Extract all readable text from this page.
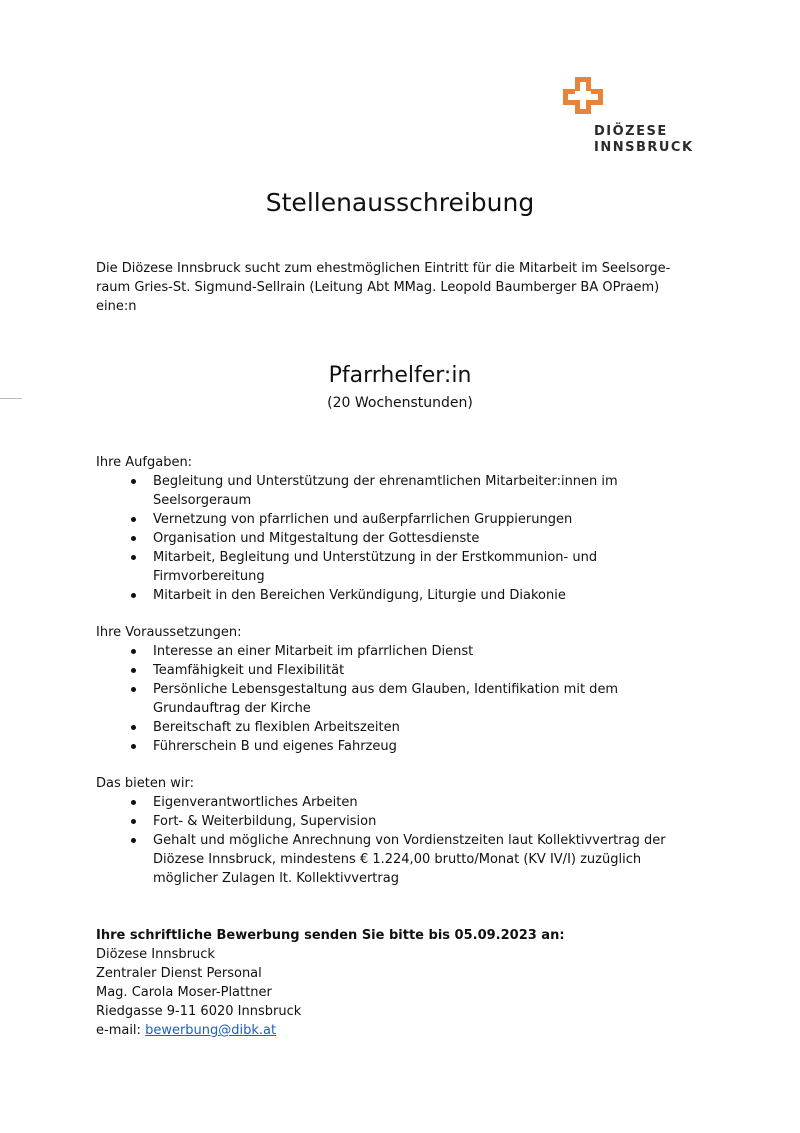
DIÖZESE
INNSBRUCK
Stellenausschreibung

Die Diözese Innsbruck sucht zum ehestmöglichen Eintritt für die Mitarbeit im Seelsorge-raum Gries-St. Sigmund-Sellrain (Leitung Abt MMag. Leopold Baumberger BA OPraem) eine:n

Pfarrhelfer:in

(20 Wochenstunden)

Ihre Aufgaben:
Begleitung und Unterstützung der ehrenamtlichen Mitarbeiter:innen im Seelsorgeraum
Vernetzung von pfarrlichen und außerpfarrlichen Gruppierungen
Organisation und Mitgestaltung der Gottesdienste
Mitarbeit, Begleitung und Unterstützung in der Erstkommunion- und Firmvorbereitung
Mitarbeit in den Bereichen Verkündigung, Liturgie und Diakonie
Ihre Voraussetzungen:
Interesse an einer Mitarbeit im pfarrlichen Dienst
Teamfähigkeit und Flexibilität
Persönliche Lebensgestaltung aus dem Glauben, Identifikation mit dem Grundauftrag der Kirche
Bereitschaft zu flexiblen Arbeitszeiten
Führerschein B und eigenes Fahrzeug
Das bieten wir:
Eigenverantwortliches Arbeiten
Fort- & Weiterbildung, Supervision
Gehalt und mögliche Anrechnung von Vordienstzeiten laut Kollektivvertrag der Diözese Innsbruck, mindestens € 1.224,00 brutto/Monat (KV IV/I) zuzüglich möglicher Zulagen lt. Kollektivvertrag
Ihre schriftliche Bewerbung senden Sie bitte bis 05.09.2023 an:
Diözese Innsbruck
Zentraler Dienst Personal
Mag. Carola Moser-Plattner
Riedgasse 9-11 6020 Innsbruck
e-mail: bewerbung@dibk.at
